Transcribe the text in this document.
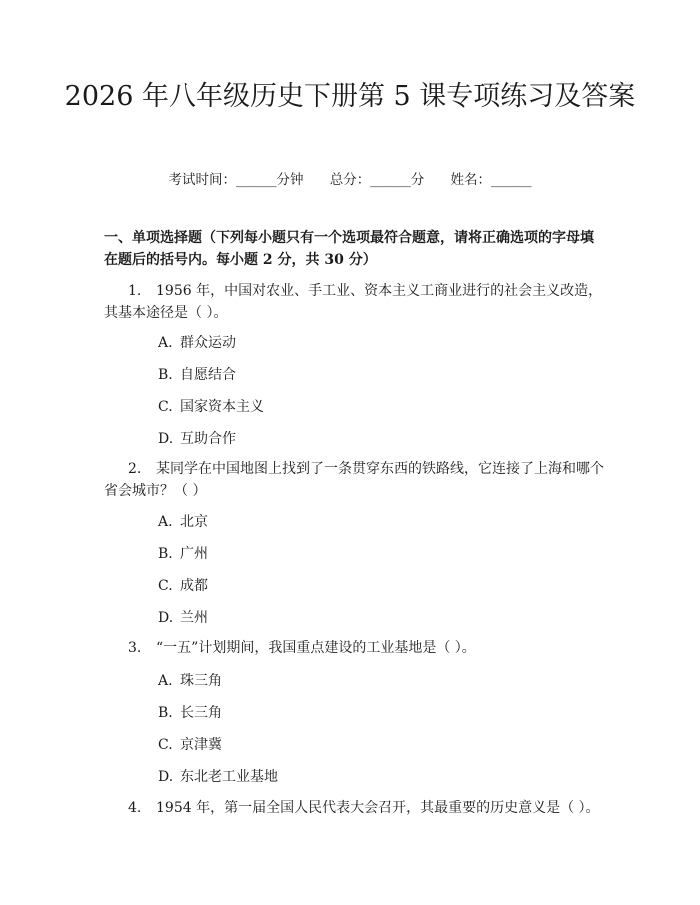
2026 年八年级历史下册第 5 课专项练习及答案
考试时间：______分钟 总分：______分 姓名：______
一、单项选择题（下列每小题只有一个选项最符合题意，请将正确选项的字母填在题后的括号内。每小题 2 分，共 30 分）
1. 1956 年，中国对农业、手工业、资本主义工商业进行的社会主义改造，其基本途径是（ ）。
A. 群众运动
B. 自愿结合
C. 国家资本主义
D. 互助合作
2. 某同学在中国地图上找到了一条贯穿东西的铁路线，它连接了上海和哪个省会城市？（ ）
A. 北京
B. 广州
C. 成都
D. 兰州
3. “一五”计划期间，我国重点建设的工业基地是（ ）。
A. 珠三角
B. 长三角
C. 京津冀
D. 东北老工业基地
4. 1954 年，第一届全国人民代表大会召开，其最重要的历史意义是（ ）。
